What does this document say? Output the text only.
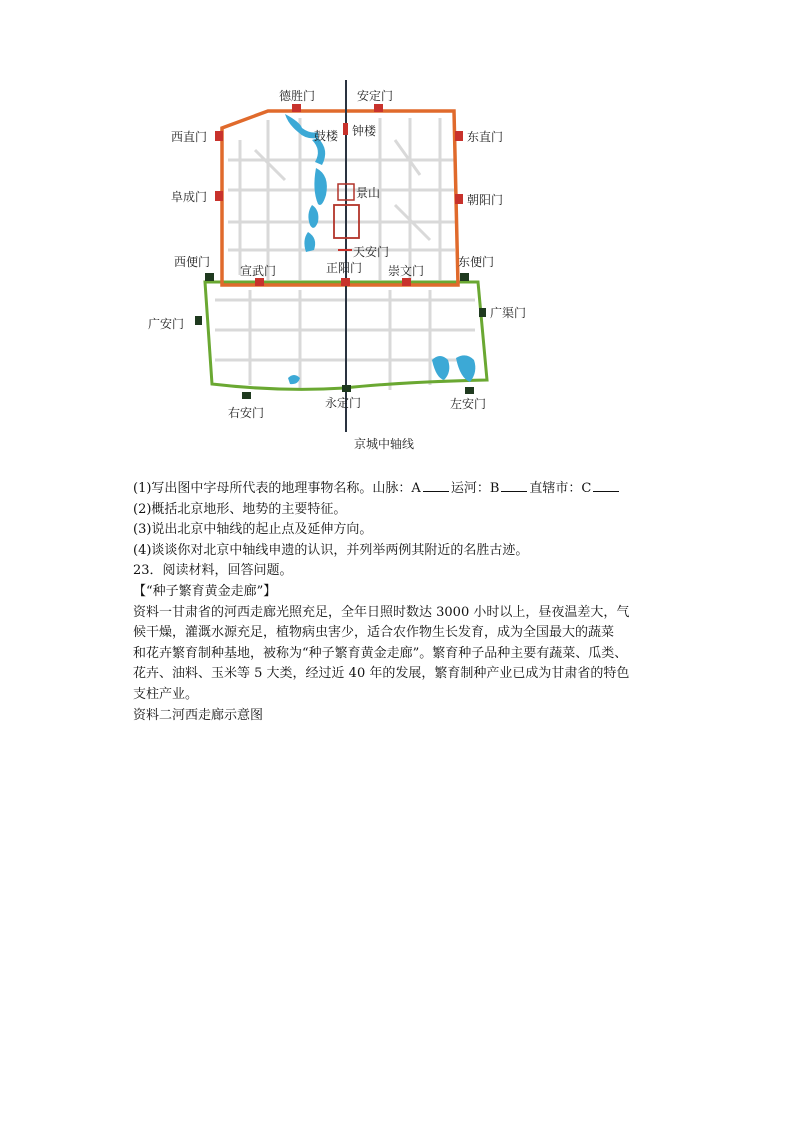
德胜门	安定门
西直门	东直门
阜成门	朝阳门
西便门	东便门
宣武门	正阳门 崇文门
广安门
广渠门
右安门
永定门	左安门
鼓楼 钟楼
景山
天安门
京城中轴线
(1)写出图中字母所代表的地理事物名称。山脉：A 运河：B 直辖市：C
(2)概括北京地形、地势的主要特征。
(3)说出北京中轴线的起止点及延伸方向。
(4)谈谈你对北京中轴线申遗的认识，并列举两例其附近的名胜古迹。
23．阅读材料，回答问题。
【“种子繁育黄金走廊”】
资料一甘肃省的河西走廊光照充足，全年日照时数达 3000 小时以上，昼夜温差大，气
候干燥，灌溉水源充足，植物病虫害少，适合农作物生长发育，成为全国最大的蔬菜
和花卉繁育制种基地，被称为“种子繁育黄金走廊”。繁育种子品种主要有蔬菜、瓜类、
花卉、油料、玉米等 5 大类，经过近 40 年的发展，繁育制种产业已成为甘肃省的特色
支柱产业。
资料二河西走廊示意图
